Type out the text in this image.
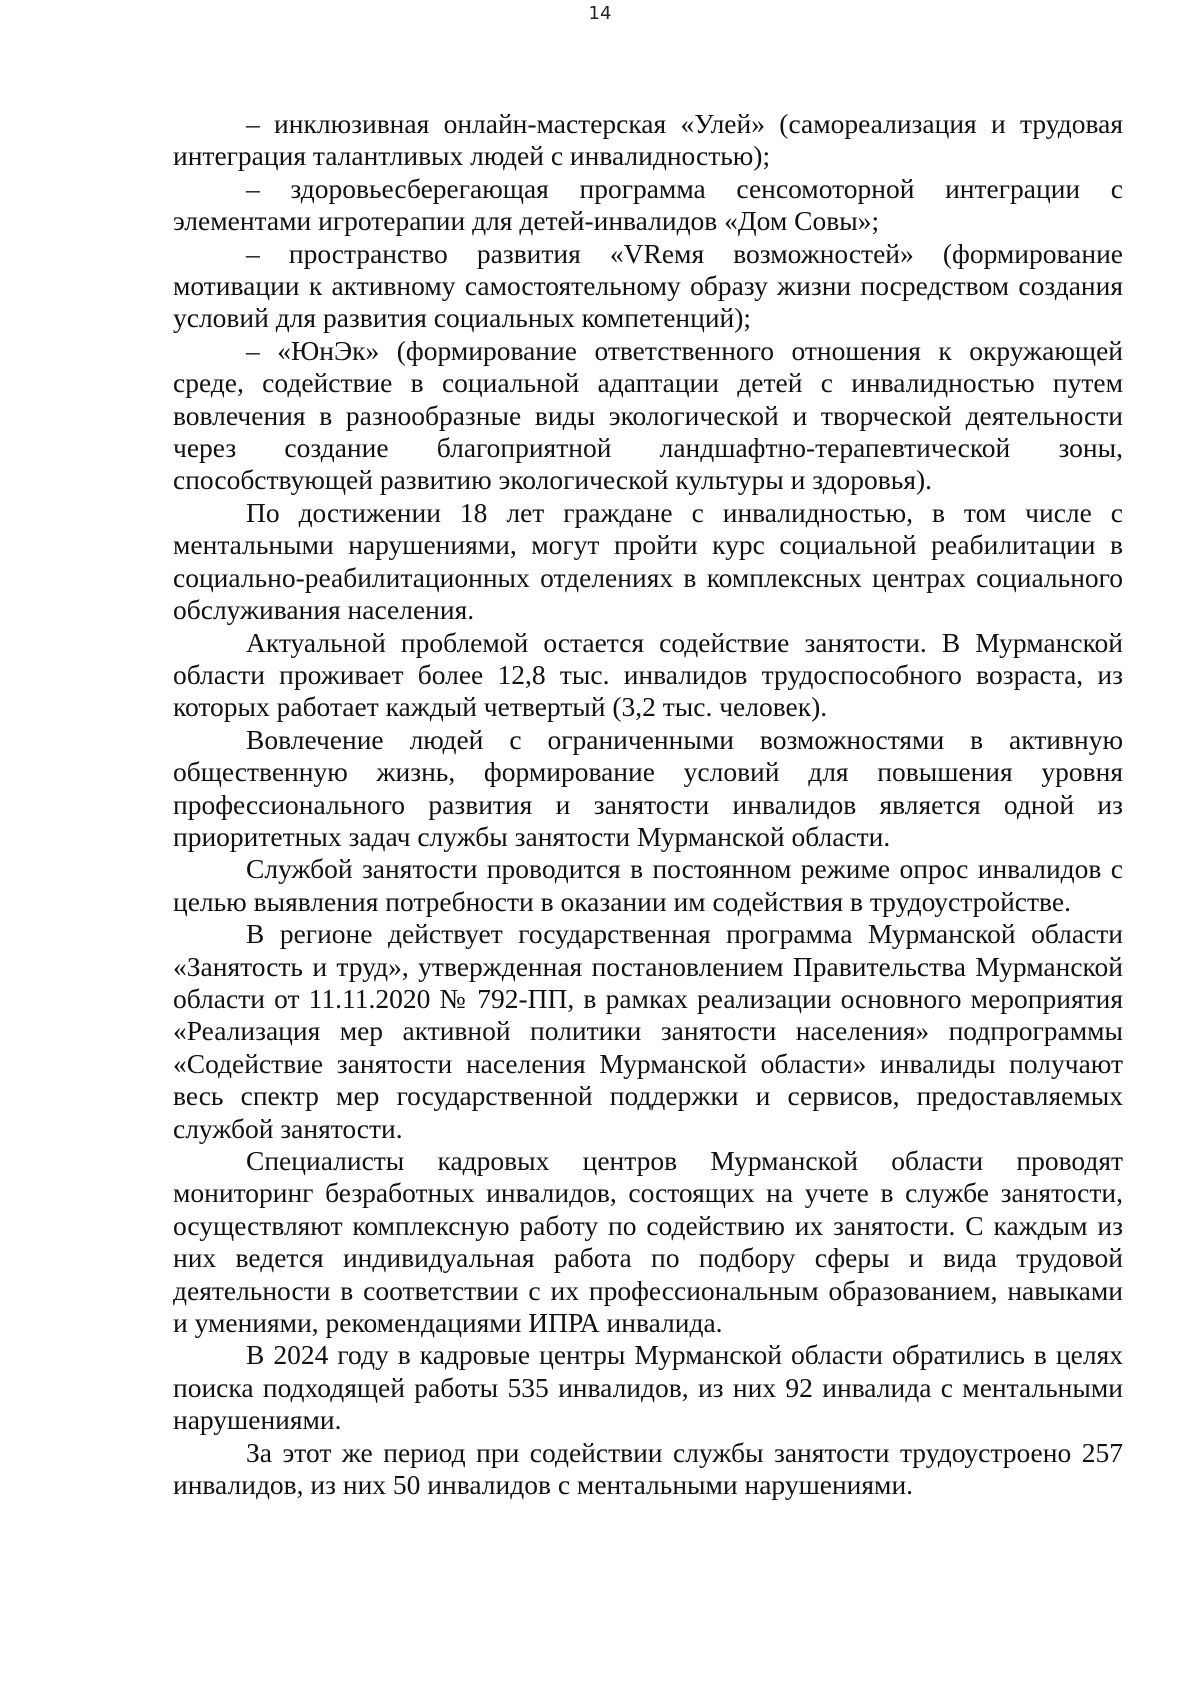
14

– инклюзивная онлайн-мастерская «Улей» (самореализация и трудовая интеграция талантливых людей с инвалидностью);

– здоровьесберегающая программа сенсомоторной интеграции с элементами игротерапии для детей-инвалидов «Дом Совы»;

– пространство развития «VRемя возможностей» (формирование мотивации к активному самостоятельному образу жизни посредством создания условий для развития социальных компетенций);

– «ЮнЭк» (формирование ответственного отношения к окружающей среде, содействие в социальной адаптации детей с инвалидностью путем вовлечения в разнообразные виды экологической и творческой деятельности через создание благоприятной ландшафтно-терапевтической зоны, способствующей развитию экологической культуры и здоровья).

По достижении 18 лет граждане с инвалидностью, в том числе с ментальными нарушениями, могут пройти курс социальной реабилитации в социально-реабилитационных отделениях в комплексных центрах социального обслуживания населения.

Актуальной проблемой остается содействие занятости. В Мурманской области проживает более 12,8 тыс. инвалидов трудоспособного возраста, из которых работает каждый четвертый (3,2 тыс. человек).

Вовлечение людей с ограниченными возможностями в активную общественную жизнь, формирование условий для повышения уровня профессионального развития и занятости инвалидов является одной из приоритетных задач службы занятости Мурманской области.

Службой занятости проводится в постоянном режиме опрос инвалидов с целью выявления потребности в оказании им содействия в трудоустройстве.

В регионе действует государственная программа Мурманской области «Занятость и труд», утвержденная постановлением Правительства Мурманской области от 11.11.2020 № 792-ПП, в рамках реализации основного мероприятия «Реализация мер активной политики занятости населения» подпрограммы «Содействие занятости населения Мурманской области» инвалиды получают весь спектр мер государственной поддержки и сервисов, предоставляемых службой занятости.

Специалисты кадровых центров Мурманской области проводят мониторинг безработных инвалидов, состоящих на учете в службе занятости, осуществляют комплексную работу по содействию их занятости. С каждым из них ведется индивидуальная работа по подбору сферы и вида трудовой деятельности в соответствии с их профессиональным образованием, навыками и умениями, рекомендациями ИПРА инвалида.

В 2024 году в кадровые центры Мурманской области обратились в целях поиска подходящей работы 535 инвалидов, из них 92 инвалида с ментальными нарушениями.

За этот же период при содействии службы занятости трудоустроено 257 инвалидов, из них 50 инвалидов с ментальными нарушениями.
